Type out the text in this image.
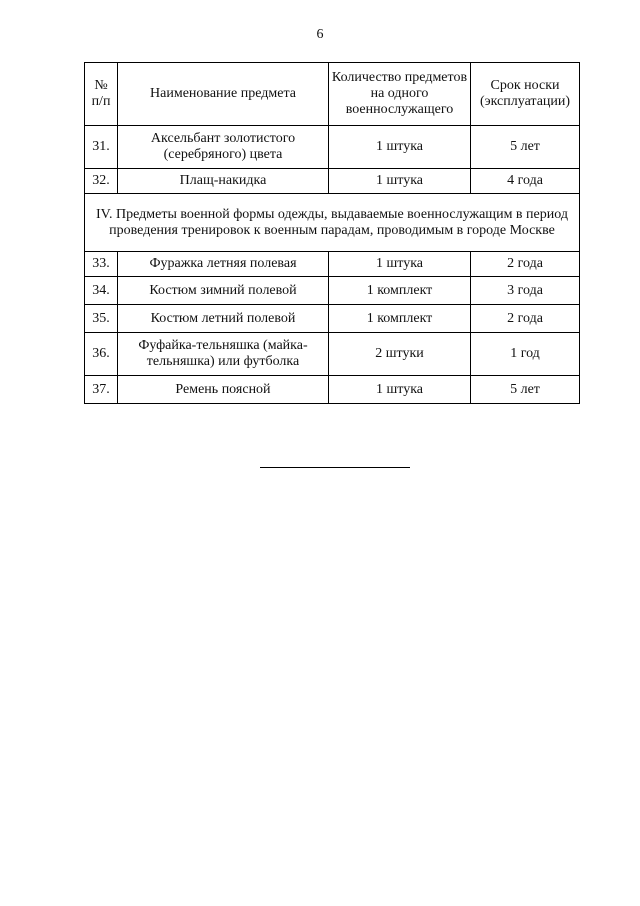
6
№ п/п	Наименование предмета	Количество предметов на одного военнослужащего	Срок носки (эксплуатации)
31.	Аксельбант золотистого (серебряного) цвета	1 штука	5 лет
32.	Плащ-накидка	1 штука	4 года
IV. Предметы военной формы одежды, выдаваемые военнослужащим в период проведения тренировок к военным парадам, проводимым в городе Москве			
33.	Фуражка летняя полевая	1 штука	2 года
34.	Костюм зимний полевой	1 комплект	3 года
35.	Костюм летний полевой	1 комплект	2 года
36.	Фуфайка-тельняшка (майка-тельняшка) или футболка	2 штуки	1 год
37.	Ремень поясной	1 штука	5 лет
